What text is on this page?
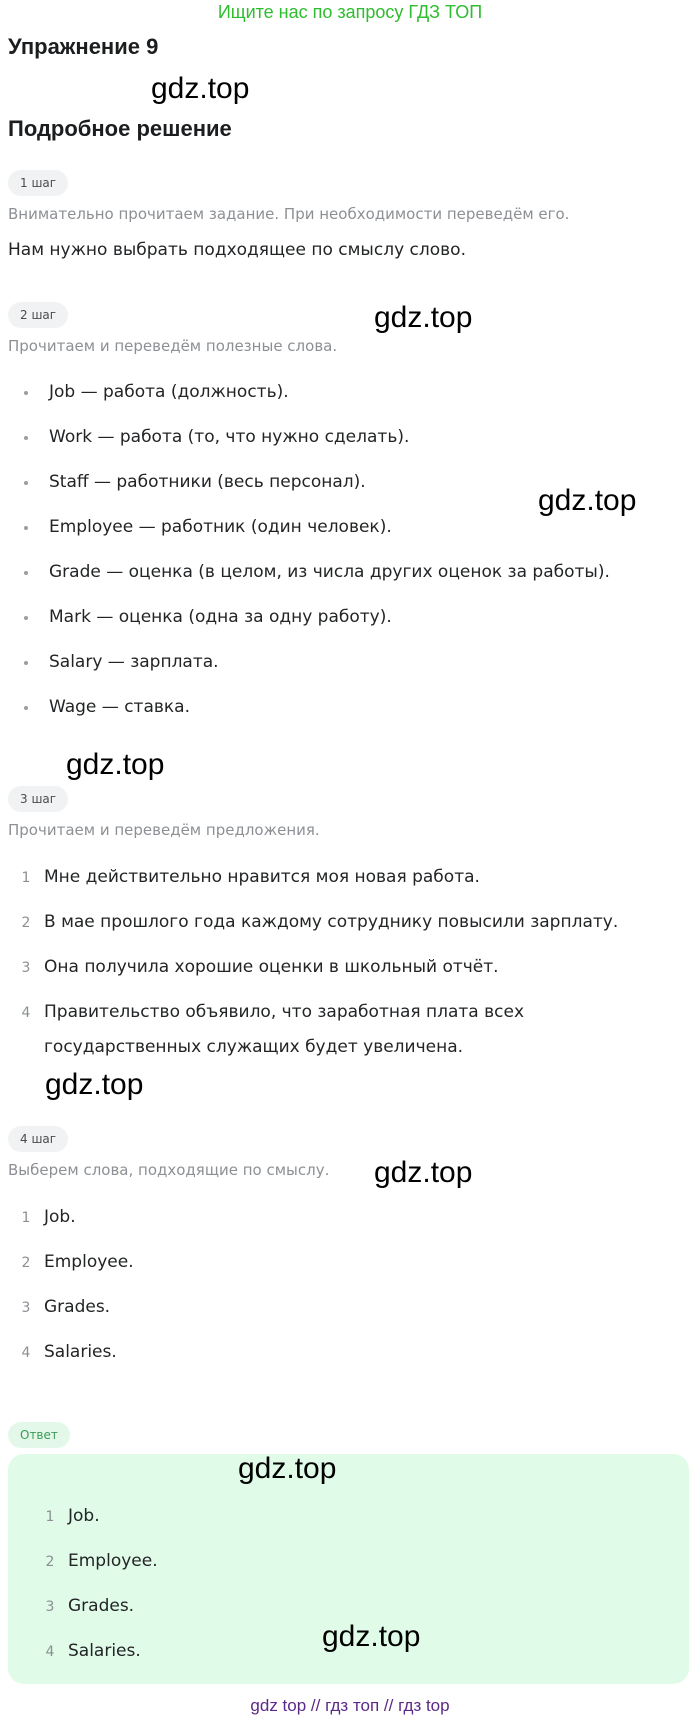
Ищите нас по запросу ГДЗ ТОП
Упражнение 9
gdz.top
Подробное решение
1 шаг
Внимательно прочитаем задание. При необходимости переведём его.
Нам нужно выбрать подходящее по смыслу слово.
2 шаг	gdz.top
Прочитаем и переведём полезные слова.
Job — работа (должность).
Work — работа (то, что нужно сделать).
Staff — работники (весь персонал).
Employee — работник (один человек).
Grade — оценка (в целом, из числа других оценок за работы).
Mark — оценка (одна за одну работу).
Salary — зарплата.
Wage — ставка.
gdz.top
gdz.top
3 шаг
Прочитаем и переведём предложения.
1 Мне действительно нравится моя новая работа.
2 В мае прошлого года каждому сотруднику повысили зарплату.
3 Она получила хорошие оценки в школьный отчёт.
4 Правительство объявило, что заработная плата всех государственных служащих будет увеличена.
gdz.top
4 шаг
Выберем слова, подходящие по смыслу. gdz.top
1 Job.
2 Employee.
3 Grades.
4 Salaries.
Ответ
gdz.top
1 Job.
2 Employee.
3 Grades.
4 Salaries.	gdz.top
gdz top // гдз топ // гдз top
